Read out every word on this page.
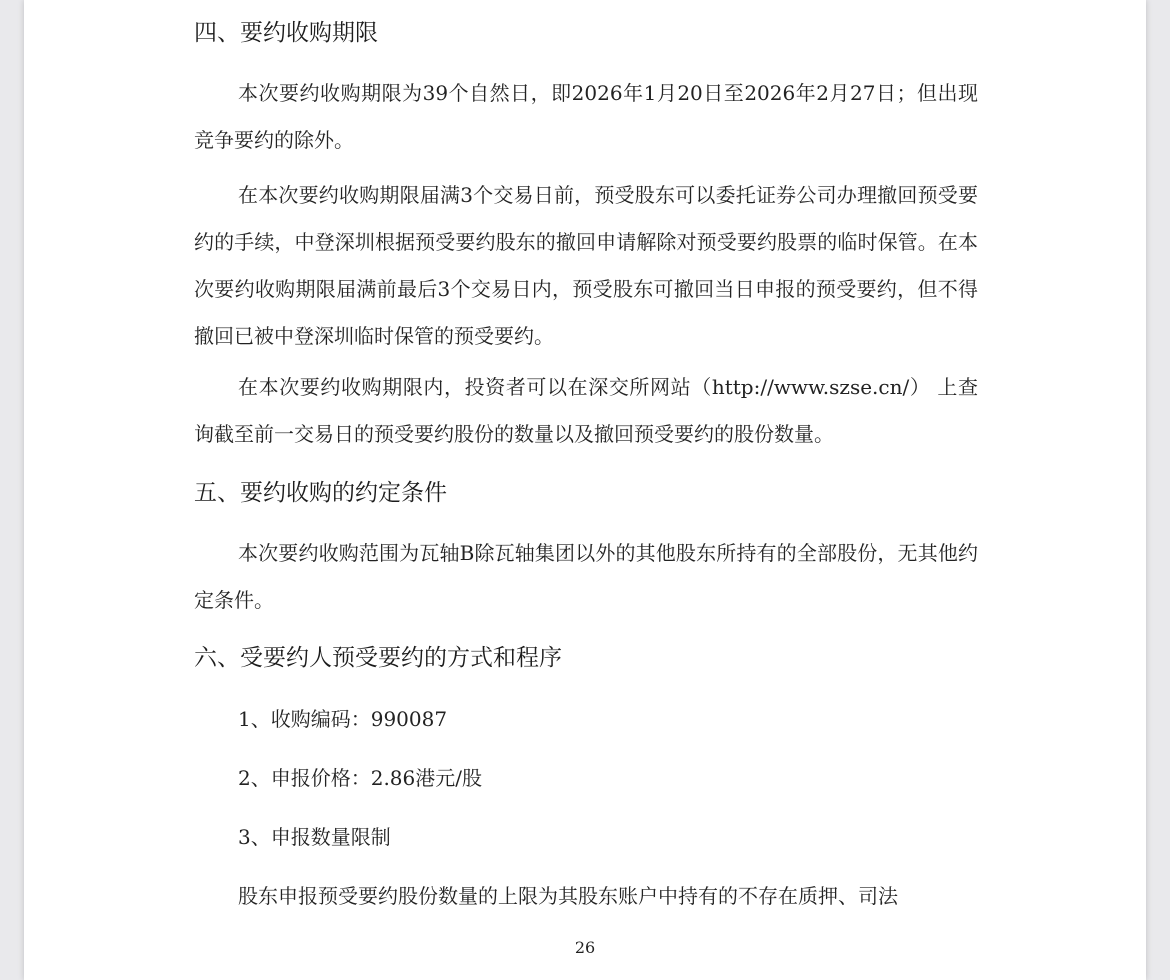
四、要约收购期限
本次要约收购期限为39个自然日，即2026年1月20日至2026年2月27日；但出现竞争要约的除外。
在本次要约收购期限届满3个交易日前，预受股东可以委托证券公司办理撤回预受要约的手续，中登深圳根据预受要约股东的撤回申请解除对预受要约股票的临时保管。在本次要约收购期限届满前最后3个交易日内，预受股东可撤回当日申报的预受要约，但不得撤回已被中登深圳临时保管的预受要约。
在本次要约收购期限内，投资者可以在深交所网站（http://www.szse.cn/） 上查询截至前一交易日的预受要约股份的数量以及撤回预受要约的股份数量。
五、要约收购的约定条件
本次要约收购范围为瓦轴B除瓦轴集团以外的其他股东所持有的全部股份，无其他约定条件。
六、受要约人预受要约的方式和程序
1、收购编码：990087
2、申报价格：2.86港元/股
3、申报数量限制
股东申报预受要约股份数量的上限为其股东账户中持有的不存在质押、司法
26
